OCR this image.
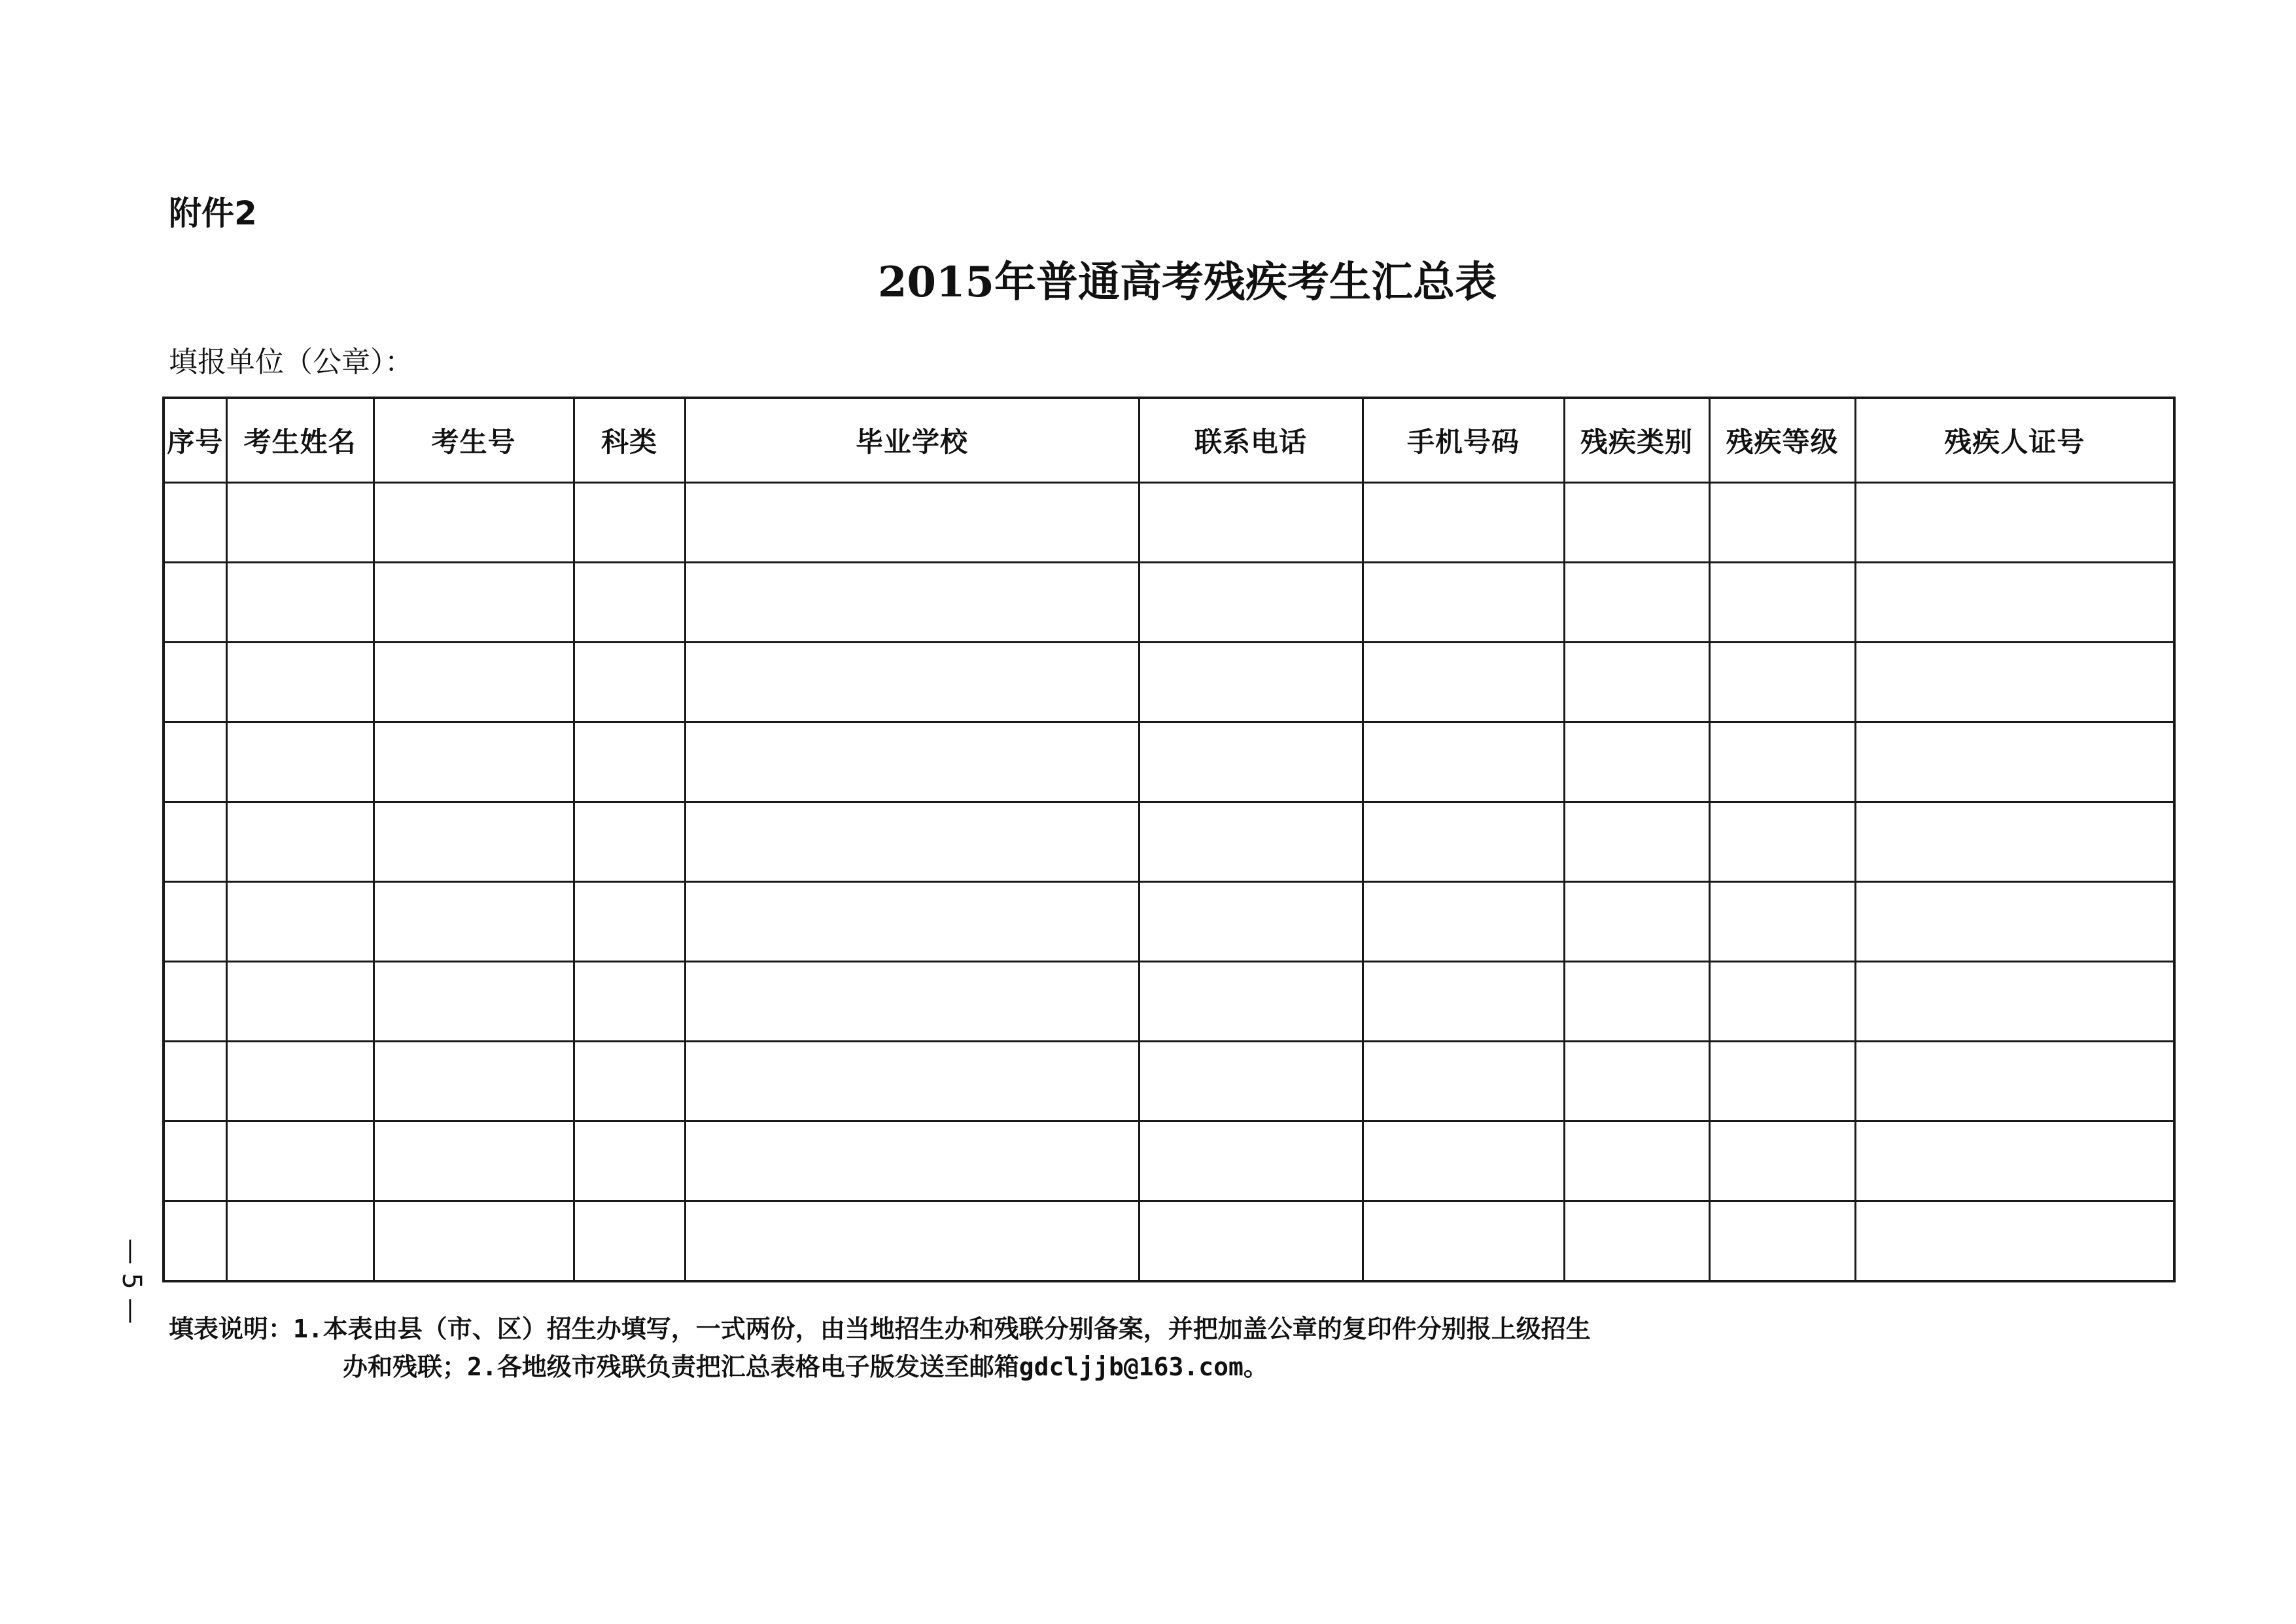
附件2
2015年普通高考残疾考生汇总表
填报单位（公章）：
序号	考生姓名	考生号	科类	毕业学校	联系电话	手机号码	残疾类别	残疾等级	残疾人证号

填表说明：1.本表由县（市、区）招生办填写，一式两份，由当地招生办和残联分别备案，并把加盖公章的复印件分别报上级招生
办和残联；2.各地级市残联负责把汇总表格电子版发送至邮箱gdcljjb@163.com。
— 5 —
